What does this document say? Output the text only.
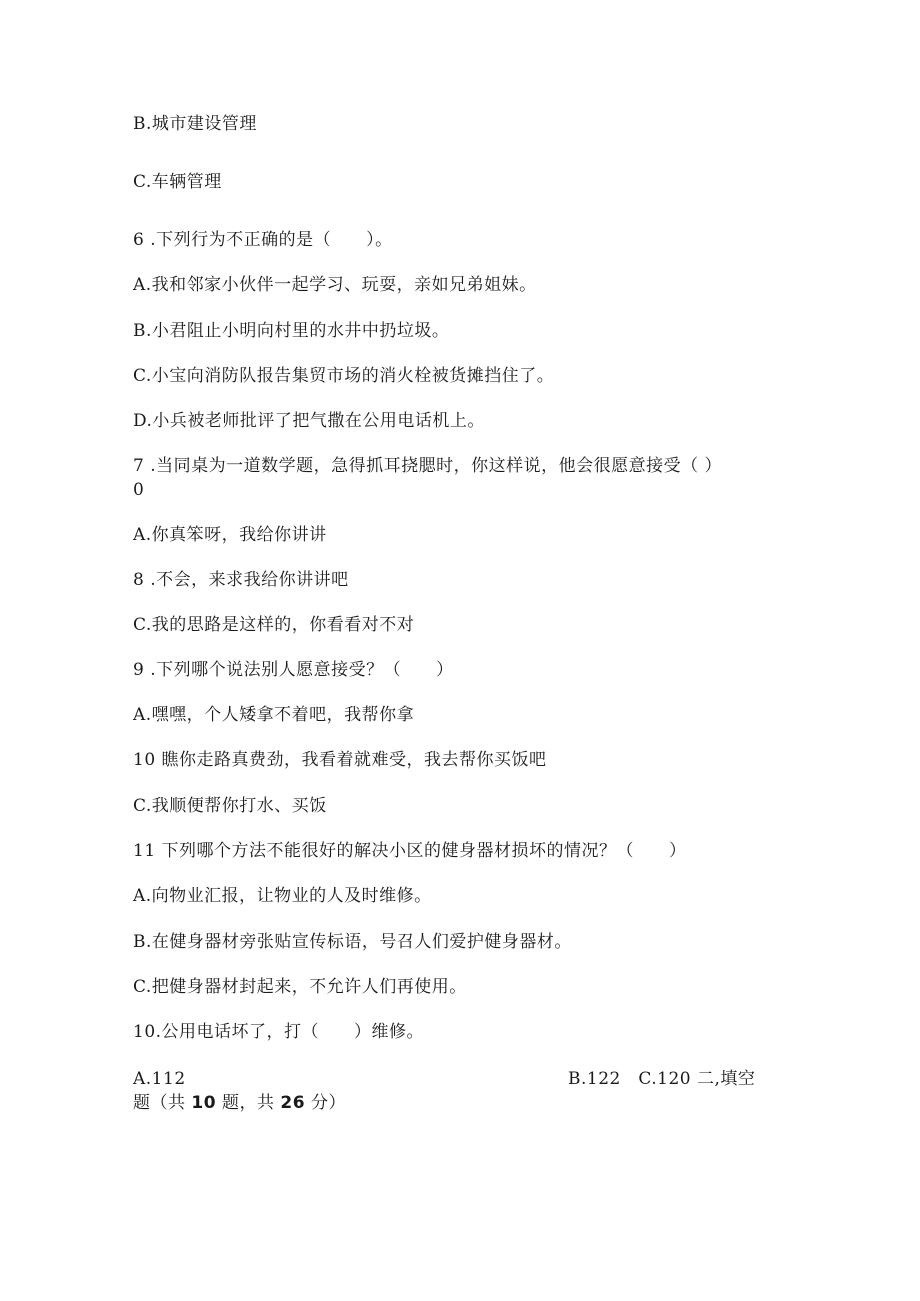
B.城市建设管理
C.车辆管理
6 .下列行为不正确的是（　　）。
A.我和邻家小伙伴一起学习、玩耍，亲如兄弟姐妹。
B.小君阻止小明向村里的水井中扔垃圾。
C.小宝向消防队报告集贸市场的消火栓被货摊挡住了。
D.小兵被老师批评了把气撒在公用电话机上。
7 .当同桌为一道数学题，急得抓耳挠腮时，你这样说，他会很愿意接受（ ）
0
A.你真笨呀，我给你讲讲
8 .不会，来求我给你讲讲吧
C.我的思路是这样的，你看看对不对
9 .下列哪个说法别人愿意接受？（　　）
A.嘿嘿，个人矮拿不着吧，我帮你拿
10 瞧你走路真费劲，我看着就难受，我去帮你买饭吧
C.我顺便帮你打水、买饭
11 下列哪个方法不能很好的解决小区的健身器材损坏的情况？（　　）
A.向物业汇报，让物业的人及时维修。
B.在健身器材旁张贴宣传标语，号召人们爱护健身器材。
C.把健身器材封起来，不允许人们再使用。
10.公用电话坏了，打（　　）维修。
A.112	B.122　C.120 二,填空
题（共 10 题，共 26 分）
